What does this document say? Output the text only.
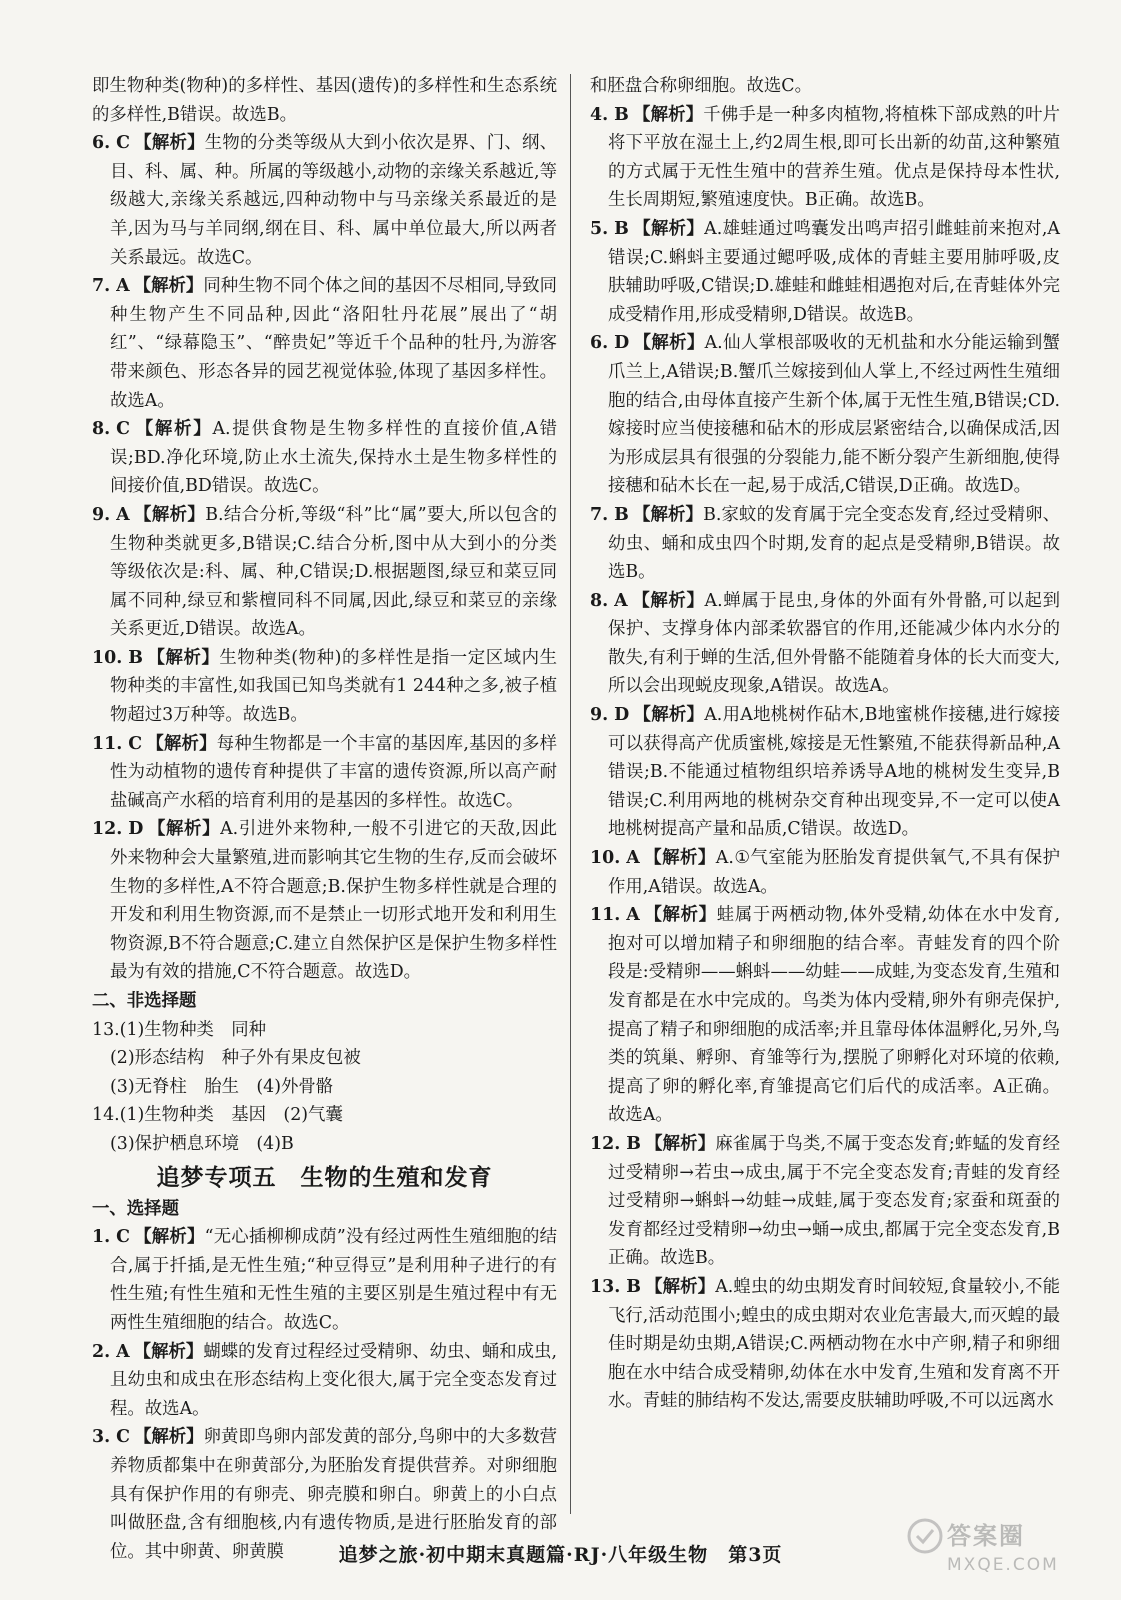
即生物种类(物种)的多样性、基因(遗传)的多样性和生态系统的多样性,B错误。故选B。

6. C 【解析】生物的分类等级从大到小依次是界、门、纲、目、科、属、种。所属的等级越小,动物的亲缘关系越近,等级越大,亲缘关系越远,四种动物中与马亲缘关系最近的是羊,因为马与羊同纲,纲在目、科、属中单位最大,所以两者关系最远。故选C。

7. A 【解析】同种生物不同个体之间的基因不尽相同,导致同种生物产生不同品种,因此“洛阳牡丹花展”展出了“胡红”、“绿幕隐玉”、“醉贵妃”等近千个品种的牡丹,为游客带来颜色、形态各异的园艺视觉体验,体现了基因多样性。故选A。

8. C 【解析】A.提供食物是生物多样性的直接价值,A错误;BD.净化环境,防止水土流失,保持水土是生物多样性的间接价值,BD错误。故选C。

9. A 【解析】B.结合分析,等级“科”比“属”要大,所以包含的生物种类就更多,B错误;C.结合分析,图中从大到小的分类等级依次是:科、属、种,C错误;D.根据题图,绿豆和菜豆同属不同种,绿豆和紫檀同科不同属,因此,绿豆和菜豆的亲缘关系更近,D错误。故选A。

10. B 【解析】生物种类(物种)的多样性是指一定区域内生物种类的丰富性,如我国已知鸟类就有1 244种之多,被子植物超过3万种等。故选B。

11. C 【解析】每种生物都是一个丰富的基因库,基因的多样性为动植物的遗传育种提供了丰富的遗传资源,所以高产耐盐碱高产水稻的培育利用的是基因的多样性。故选C。

12. D 【解析】A.引进外来物种,一般不引进它的天敌,因此外来物种会大量繁殖,进而影响其它生物的生存,反而会破坏生物的多样性,A不符合题意;B.保护生物多样性就是合理的开发和利用生物资源,而不是禁止一切形式地开发和利用生物资源,B不符合题意;C.建立自然保护区是保护生物多样性最为有效的措施,C不符合题意。故选D。

二、非选择题

13.(1)生物种类　同种

(2)形态结构　种子外有果皮包被

(3)无脊柱　胎生　(4)外骨骼

14.(1)生物种类　基因　(2)气囊

(3)保护栖息环境　(4)B

追梦专项五　生物的生殖和发育

一、选择题

1. C 【解析】“无心插柳柳成荫”没有经过两性生殖细胞的结合,属于扦插,是无性生殖;“种豆得豆”是利用种子进行的有性生殖;有性生殖和无性生殖的主要区别是生殖过程中有无两性生殖细胞的结合。故选C。

2. A 【解析】蝴蝶的发育过程经过受精卵、幼虫、蛹和成虫,且幼虫和成虫在形态结构上变化很大,属于完全变态发育过程。故选A。

3. C 【解析】卵黄即鸟卵内部发黄的部分,鸟卵中的大多数营养物质都集中在卵黄部分,为胚胎发育提供营养。对卵细胞具有保护作用的有卵壳、卵壳膜和卵白。卵黄上的小白点叫做胚盘,含有细胞核,内有遗传物质,是进行胚胎发育的部位。其中卵黄、卵黄膜

和胚盘合称卵细胞。故选C。

4. B 【解析】千佛手是一种多肉植物,将植株下部成熟的叶片将下平放在湿土上,约2周生根,即可长出新的幼苗,这种繁殖的方式属于无性生殖中的营养生殖。优点是保持母本性状,生长周期短,繁殖速度快。B正确。故选B。

5. B 【解析】A.雄蛙通过鸣囊发出鸣声招引雌蛙前来抱对,A错误;C.蝌蚪主要通过鳃呼吸,成体的青蛙主要用肺呼吸,皮肤辅助呼吸,C错误;D.雄蛙和雌蛙相遇抱对后,在青蛙体外完成受精作用,形成受精卵,D错误。故选B。

6. D 【解析】A.仙人掌根部吸收的无机盐和水分能运输到蟹爪兰上,A错误;B.蟹爪兰嫁接到仙人掌上,不经过两性生殖细胞的结合,由母体直接产生新个体,属于无性生殖,B错误;CD.嫁接时应当使接穗和砧木的形成层紧密结合,以确保成活,因为形成层具有很强的分裂能力,能不断分裂产生新细胞,使得接穗和砧木长在一起,易于成活,C错误,D正确。故选D。

7. B 【解析】B.家蚊的发育属于完全变态发育,经过受精卵、幼虫、蛹和成虫四个时期,发育的起点是受精卵,B错误。故选B。

8. A 【解析】A.蝉属于昆虫,身体的外面有外骨骼,可以起到保护、支撑身体内部柔软器官的作用,还能减少体内水分的散失,有利于蝉的生活,但外骨骼不能随着身体的长大而变大,所以会出现蜕皮现象,A错误。故选A。

9. D 【解析】A.用A地桃树作砧木,B地蜜桃作接穗,进行嫁接可以获得高产优质蜜桃,嫁接是无性繁殖,不能获得新品种,A错误;B.不能通过植物组织培养诱导A地的桃树发生变异,B错误;C.利用两地的桃树杂交育种出现变异,不一定可以使A地桃树提高产量和品质,C错误。故选D。

10. A 【解析】A.①气室能为胚胎发育提供氧气,不具有保护作用,A错误。故选A。

11. A 【解析】蛙属于两栖动物,体外受精,幼体在水中发育,抱对可以增加精子和卵细胞的结合率。青蛙发育的四个阶段是:受精卵——蝌蚪——幼蛙——成蛙,为变态发育,生殖和发育都是在水中完成的。鸟类为体内受精,卵外有卵壳保护,提高了精子和卵细胞的成活率;并且靠母体体温孵化,另外,鸟类的筑巢、孵卵、育雏等行为,摆脱了卵孵化对环境的依赖,提高了卵的孵化率,育雏提高它们后代的成活率。A正确。故选A。

12. B 【解析】麻雀属于鸟类,不属于变态发育;蚱蜢的发育经过受精卵→若虫→成虫,属于不完全变态发育;青蛙的发育经过受精卵→蝌蚪→幼蛙→成蛙,属于变态发育;家蚕和斑蚕的发育都经过受精卵→幼虫→蛹→成虫,都属于完全变态发育,B正确。故选B。

13. B 【解析】A.蝗虫的幼虫期发育时间较短,食量较小,不能飞行,活动范围小;蝗虫的成虫期对农业危害最大,而灭蝗的最佳时期是幼虫期,A错误;C.两栖动物在水中产卵,精子和卵细胞在水中结合成受精卵,幼体在水中发育,生殖和发育离不开水。青蛙的肺结构不发达,需要皮肤辅助呼吸,不可以远离水

追梦之旅·初中期末真题篇·RJ·八年级生物　第3页
答案圈
MXQE.COM
